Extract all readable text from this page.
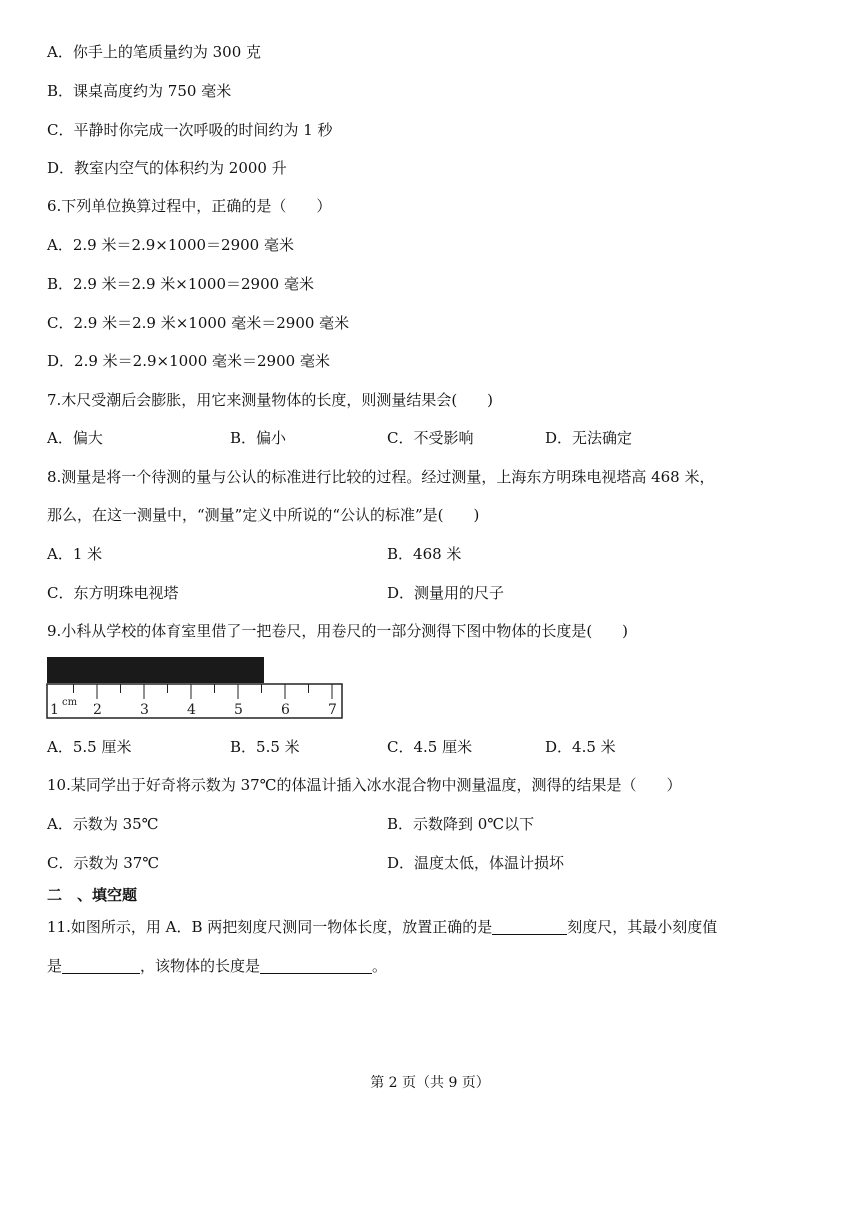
A．你手上的笔质量约为 300 克
B．课桌高度约为 750 毫米
C．平静时你完成一次呼吸的时间约为 1 秒
D．教室内空气的体积约为 2000 升
6.下列单位换算过程中，正确的是（　　）
A．2.9 米＝2.9×1000＝2900 毫米
B．2.9 米＝2.9 米×1000＝2900 毫米
C．2.9 米＝2.9 米×1000 毫米＝2900 毫米
D．2.9 米＝2.9×1000 毫米＝2900 毫米
7.木尺受潮后会膨胀，用它来测量物体的长度，则测量结果会(　　)
A．偏大	B．偏小	C．不受影响	D．无法确定
8.测量是将一个待测的量与公认的标准进行比较的过程。经过测量，上海东方明珠电视塔高 468 米，
那么，在这一测量中，“测量”定义中所说的“公认的标准”是(　　)
A．1 米	B．468 米
C．东方明珠电视塔	D．测量用的尺子
9.小科从学校的体育室里借了一把卷尺，用卷尺的一部分测得下图中物体的长度是(　　)
1 2	3	4	5	6	7
cm
A．5.5 厘米	B．5.5 米	C．4.5 厘米	D．4.5 米
10.某同学出于好奇将示数为 37℃的体温计插入冰水混合物中测量温度，测得的结果是（　　）
A．示数为 35℃	B．示数降到 0℃以下
C．示数为 37℃	D．温度太低，体温计损坏
二　、填空题
11.如图所示，用 A．B 两把刻度尺测同一物体长度，放置正确的是	刻度尺，其最小刻度值
是	，该物体的长度是	。
第 2 页（共 9 页）
